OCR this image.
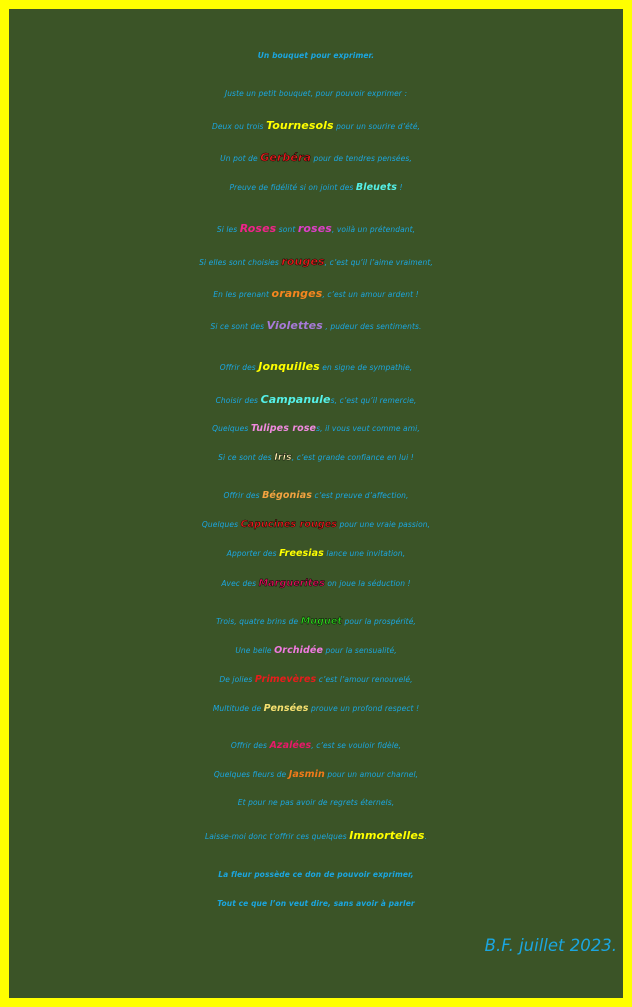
Un bouquet pour exprimer.
Juste un petit bouquet, pour pouvoir exprimer :
Deux ou trois Tournesols pour un sourire d’été,
Un pot de Gerbéra pour de tendres pensées,
Preuve de fidélité si on joint des Bleuets !
Si les Roses sont roses, voilà un prétendant,
Si elles sont choisies rouges, c’est qu’il l’aime vraiment,
En les prenant oranges, c’est un amour ardent !
Si ce sont des Violettes , pudeur des sentiments.
Offrir des Jonquilles en signe de sympathie,
Choisir des Campanules, c’est qu’il remercie,
Quelques Tulipes roses, il vous veut comme ami,
Si ce sont des Iris, c’est grande confiance en lui !
Offrir des Bégonias c’est preuve d’affection,
Quelques Capucines rouges pour une vraie passion,
Apporter des Freesias lance une invitation,
Avec des Marguerites on joue la séduction !
Trois, quatre brins de Muguet pour la prospérité,
Une belle Orchidée pour la sensualité,
De jolies Primevères c’est l’amour renouvelé,
Multitude de Pensées prouve un profond respect !
Offrir des Azalées, c’est se vouloir fidèle,
Quelques fleurs de Jasmin pour un amour charnel,
Et pour ne pas avoir de regrets éternels,
Laisse-moi donc t’offrir ces quelques Immortelles.
La fleur possède ce don de pouvoir exprimer,
Tout ce que l’on veut dire, sans avoir à parler
B.F. juillet 2023.
